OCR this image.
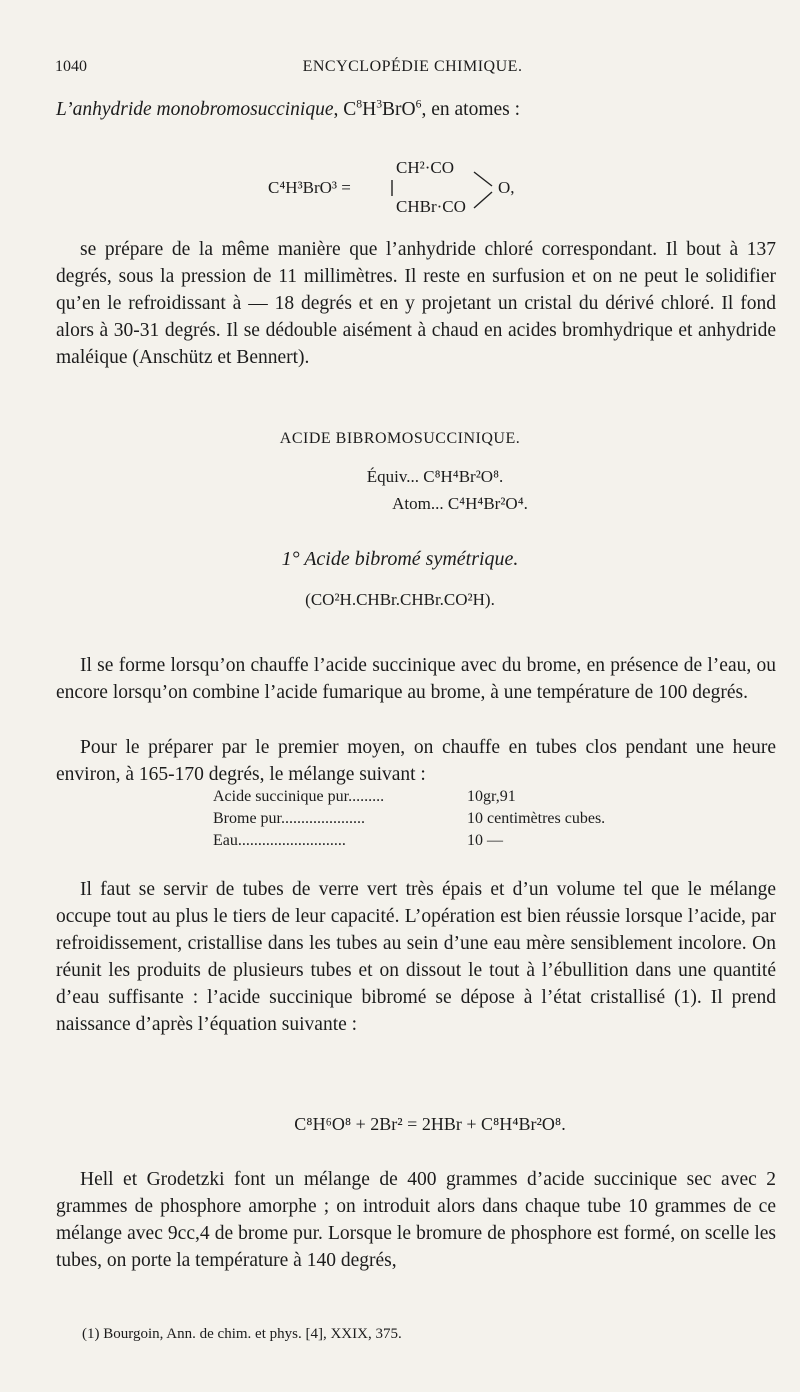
1040	ENCYCLOPÉDIE CHIMIQUE.
L’anhydride monobromosuccinique, $C^8H^3BrO^6$, en atomes :
C⁴H³BrO³ =
CH²·CO
CHBr·CO
O,
se prépare de la même manière que l’anhydride chloré correspondant. Il bout à 137 degrés, sous la pression de 11 millimètres. Il reste en surfusion et on ne peut le solidifier qu’en le refroidissant à — 18 degrés et en y projetant un cristal du dérivé chloré. Il fond alors à 30-31 degrés. Il se dédouble aisément à chaud en acides bromhydrique et anhydride maléique (Anschütz et Bennert).
ACIDE BIBROMOSUCCINIQUE.
Équiv... C⁸H⁴Br²O⁸.
Atom... C⁴H⁴Br²O⁴.
1° Acide bibromé symétrique.
(CO²H.CHBr.CHBr.CO²H).
Il se forme lorsqu’on chauffe l’acide succinique avec du brome, en présence de l’eau, ou encore lorsqu’on combine l’acide fumarique au brome, à une température de 100 degrés.
Pour le préparer par le premier moyen, on chauffe en tubes clos pendant une heure environ, à 165-170 degrés, le mélange suivant :
Acide succinique pur.........	10gr,91
Brome pur.....................	10 centimètres cubes.
Eau...........................	10 —
Il faut se servir de tubes de verre vert très épais et d’un volume tel que le mélange occupe tout au plus le tiers de leur capacité. L’opération est bien réussie lorsque l’acide, par refroidissement, cristallise dans les tubes au sein d’une eau mère sensiblement incolore. On réunit les produits de plusieurs tubes et on dissout le tout à l’ébullition dans une quantité d’eau suffisante : l’acide succinique bibromé se dépose à l’état cristallisé (1). Il prend naissance d’après l’équation suivante :
C⁸H⁶O⁸ + 2Br² = 2HBr + C⁸H⁴Br²O⁸.
Hell et Grodetzki font un mélange de 400 grammes d’acide succinique sec avec 2 grammes de phosphore amorphe ; on introduit alors dans chaque tube 10 grammes de ce mélange avec 9cc,4 de brome pur. Lorsque le bromure de phosphore est formé, on scelle les tubes, on porte la température à 140 degrés,
(1) Bourgoin, Ann. de chim. et phys. [4], XXIX, 375.
